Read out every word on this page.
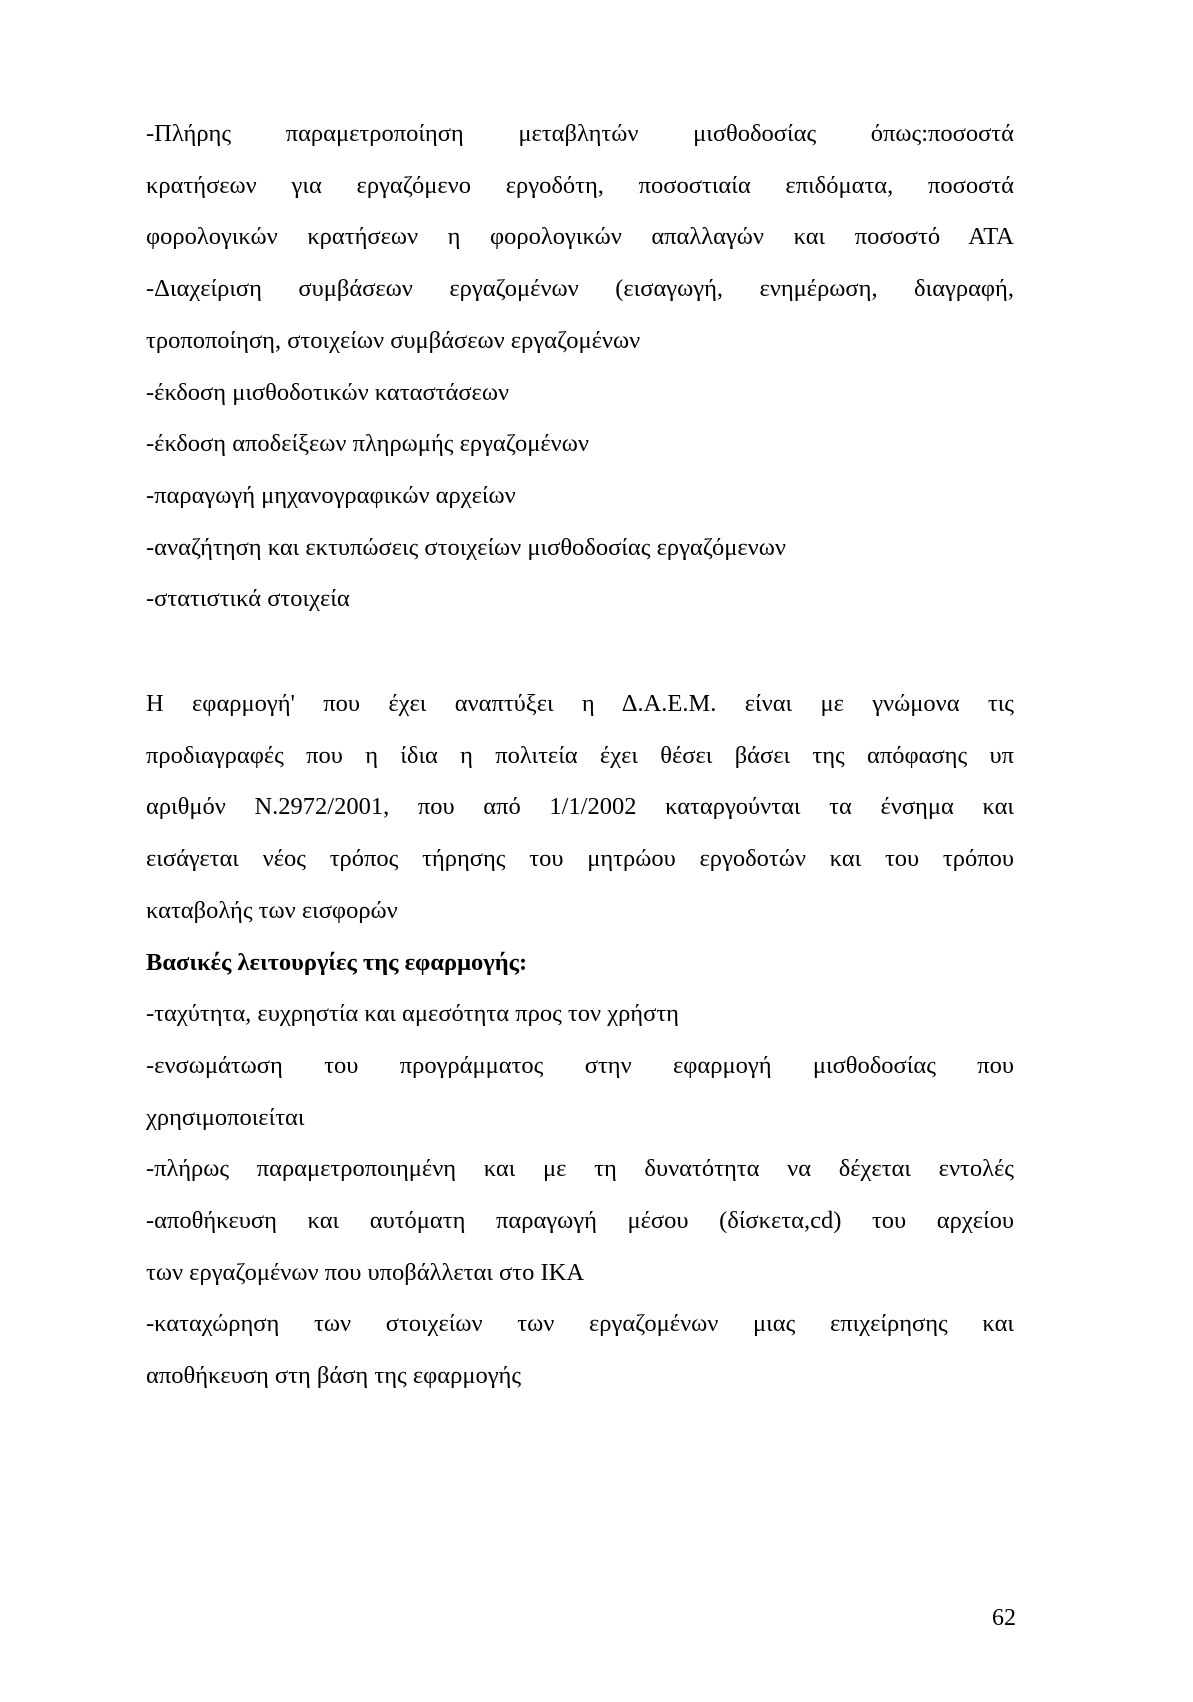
-Πλήρης παραμετροποίηση μεταβλητών μισθοδοσίας όπως:ποσοστά
κρατήσεων για εργαζόμενο εργοδότη, ποσοστιαία επιδόματα, ποσοστά
φορολογικών κρατήσεων η φορολογικών απαλλαγών και ποσοστό ΑΤΑ
-Διαχείριση συμβάσεων εργαζομένων (εισαγωγή, ενημέρωση, διαγραφή,
τροποποίηση, στοιχείων συμβάσεων εργαζομένων
-έκδοση μισθοδοτικών καταστάσεων
-έκδοση αποδείξεων πληρωμής εργαζομένων
-παραγωγή μηχανογραφικών αρχείων
-αναζήτηση και εκτυπώσεις στοιχείων μισθοδοσίας εργαζόμενων
-στατιστικά στοιχεία
Η εφαρμογή' που έχει αναπτύξει η Δ.Α.Ε.Μ. είναι με γνώμονα τις
προδιαγραφές που η ίδια η πολιτεία έχει θέσει βάσει της απόφασης υπ
αριθμόν Ν.2972/2001, που από 1/1/2002 καταργούνται τα ένσημα και
εισάγεται νέος τρόπος τήρησης του μητρώου εργοδοτών και του τρόπου
καταβολής των εισφορών
Βασικές λειτουργίες της εφαρμογής:
-ταχύτητα, ευχρηστία και αμεσότητα προς τον χρήστη
-ενσωμάτωση του προγράμματος στην εφαρμογή μισθοδοσίας που
χρησιμοποιείται
-πλήρως παραμετροποιημένη και με τη δυνατότητα να δέχεται εντολές
-αποθήκευση και αυτόματη παραγωγή μέσου (δίσκετα,cd) του αρχείου
των εργαζομένων που υποβάλλεται στο ΙΚΑ
-καταχώρηση των στοιχείων των εργαζομένων μιας επιχείρησης και
αποθήκευση στη βάση της εφαρμογής
62
